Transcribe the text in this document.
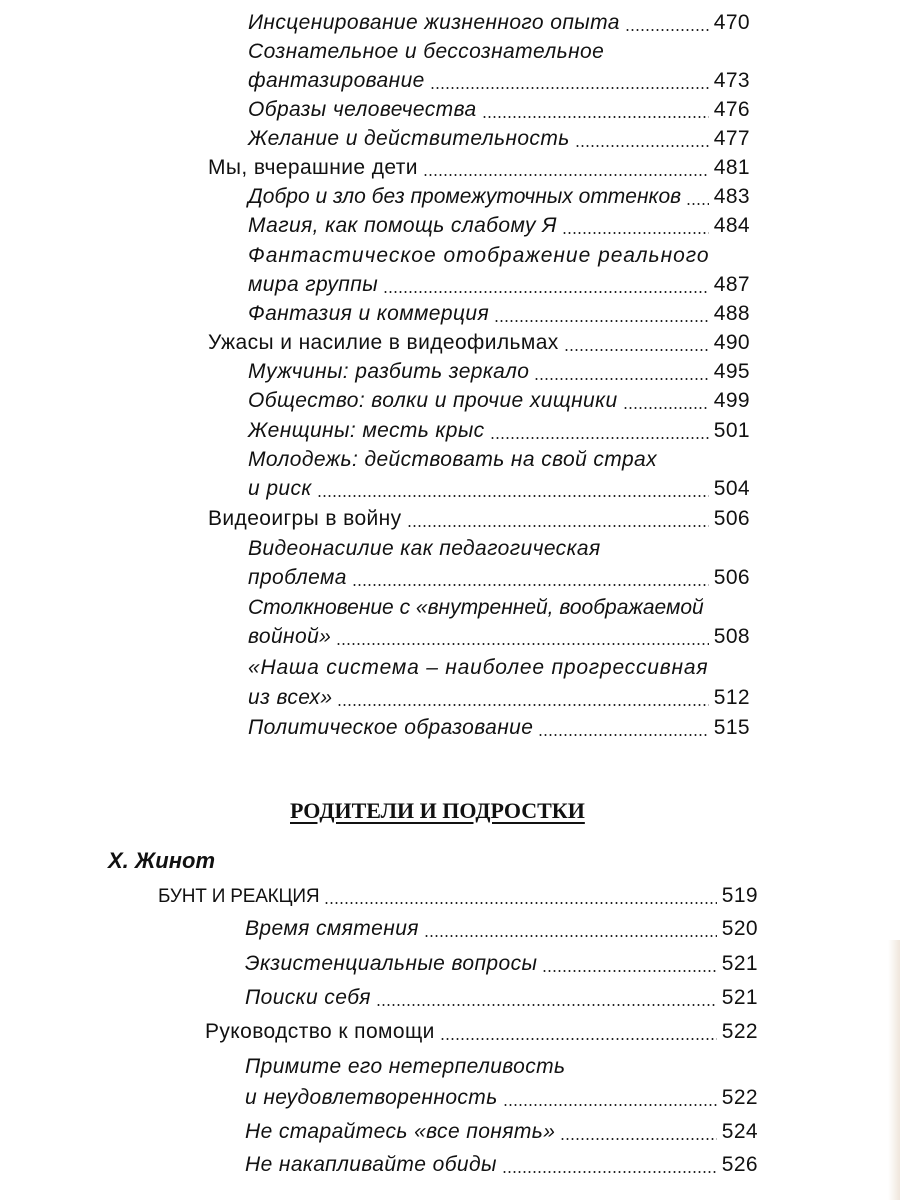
Инсценирование жизненного опыта	470
Сознательное и бессознательное
фантазирование	473
Образы человечества	476
Желание и действительность	477
Мы, вчерашние дети	481
Добро и зло без промежуточных оттенков 483
Магия, как помощь слабому Я	484
Фантастическое отображение реального
мира группы	487
Фантазия и коммерция	488
Ужасы и насилие в видеофильмах	490
Мужчины: разбить зеркало	495
Общество: волки и прочие хищники	499
Женщины: месть крыс	501
Молодежь: действовать на свой страх
и риск	504
Видеоигры в войну	506
Видеонасилие как педагогическая
проблема	506
Столкновение с «внутренней, воображаемой
войной»	508
«Наша система – наиболее прогрессивная
из всех»	512
Политическое образование	515
РОДИТЕЛИ И ПОДРОСТКИ
Х. Жинот
БУНТ И РЕАКЦИЯ	519
Время смятения	520
Экзистенциальные вопросы	521
Поиски себя	521
Руководство к помощи	522
Примите его нетерпеливость
и неудовлетворенность	522
Не старайтесь «все понять»	524
Не накапливайте обиды	526
